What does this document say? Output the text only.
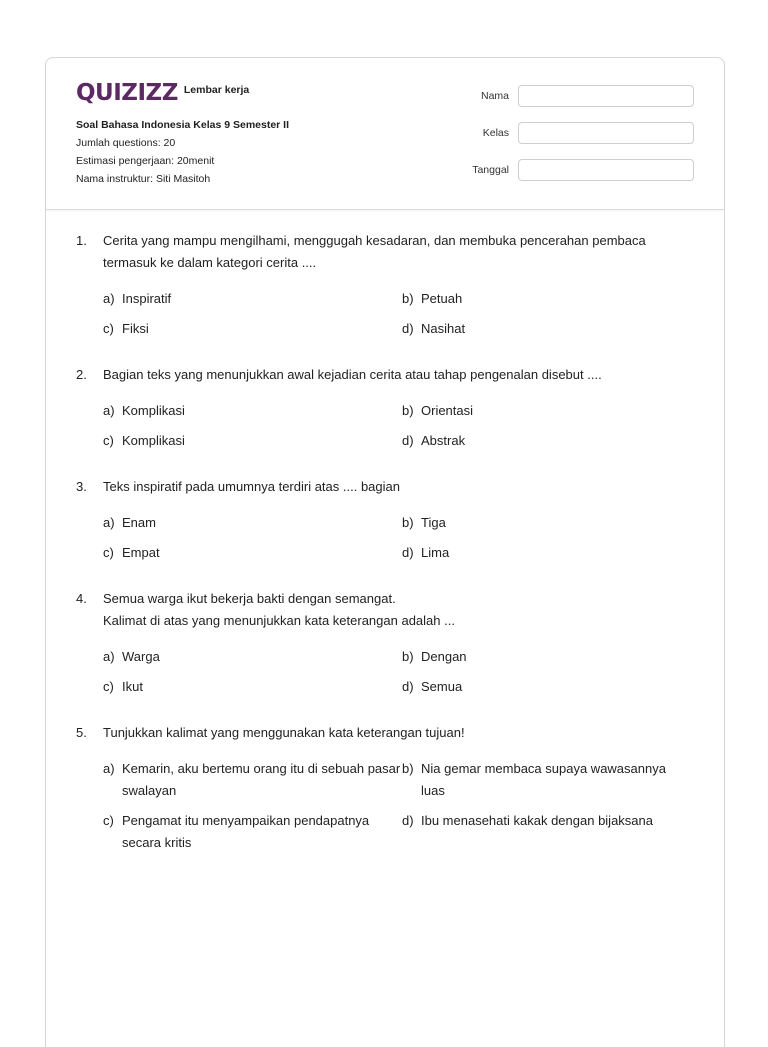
QUIZIZZ Lembar kerja
Soal Bahasa Indonesia Kelas 9 Semester II
Jumlah questions: 20
Estimasi pengerjaan: 20menit
Nama instruktur: Siti Masitoh
Nama
Kelas
Tanggal
1.	Cerita yang mampu mengilhami, menggugah kesadaran, dan membuka pencerahan pembaca
termasuk ke dalam kategori cerita ....
a) Inspiratif	b) Petuah
c) Fiksi	d) Nasihat
2.	Bagian teks yang menunjukkan awal kejadian cerita atau tahap pengenalan disebut ....
a) Komplikasi	b) Orientasi
c) Komplikasi	d) Abstrak
3.	Teks inspiratif pada umumnya terdiri atas .... bagian
a) Enam	b) Tiga
c) Empat	d) Lima
4.	Semua warga ikut bekerja bakti dengan semangat.
Kalimat di atas yang menunjukkan kata keterangan adalah ...
a) Warga	b) Dengan
c) Ikut	d) Semua
5.	Tunjukkan kalimat yang menggunakan kata keterangan tujuan!
a) Kemarin, aku bertemu orang itu di sebuah pasar swalayan
b) Nia gemar membaca supaya wawasannya luas
c) Pengamat itu menyampaikan pendapatnya secara kritis
d) Ibu menasehati kakak dengan bijaksana
